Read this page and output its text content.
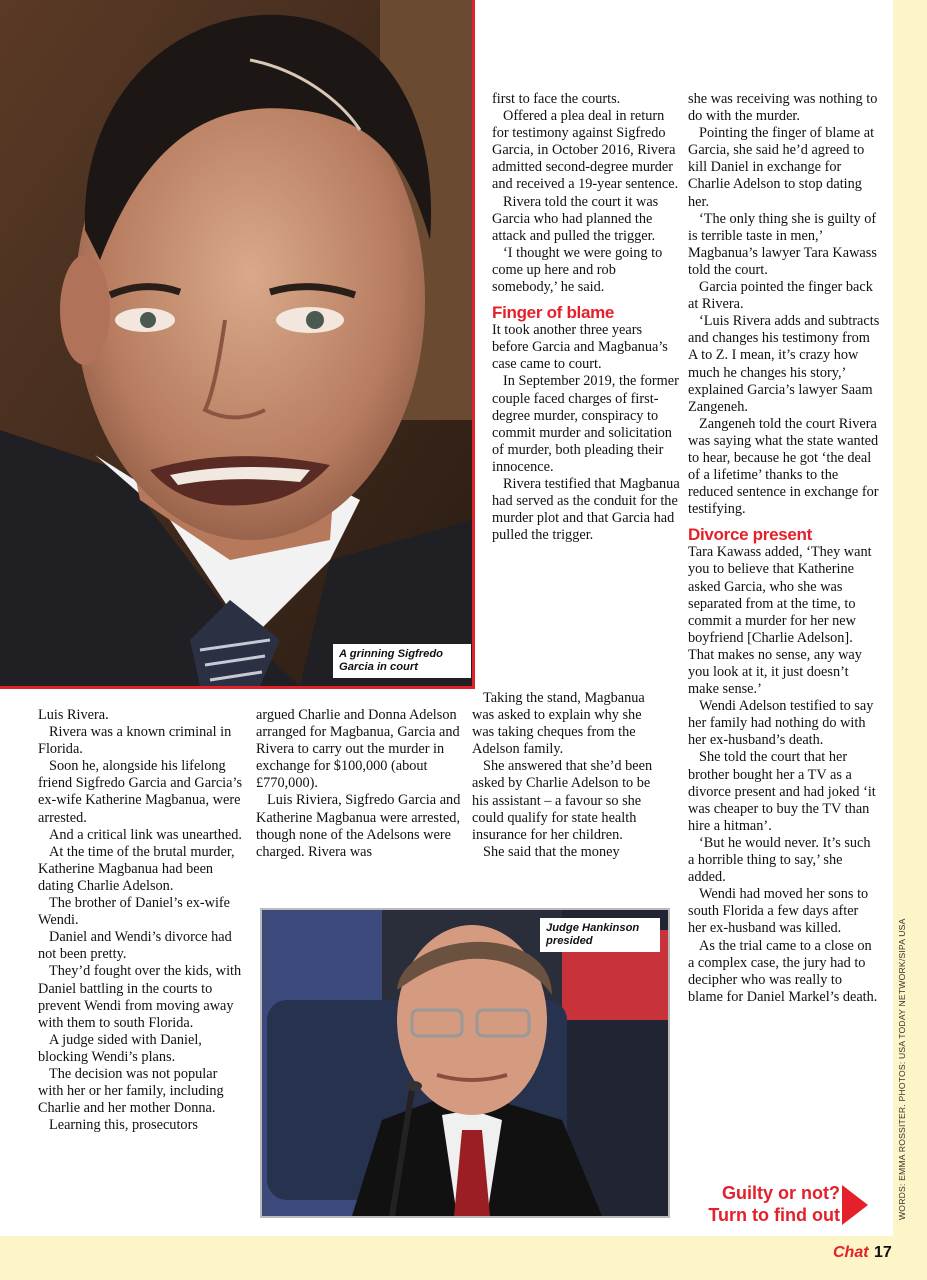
A grinning Sigfredo Garcia in court
Judge Hankinson presided

Luis Rivera.

Rivera was a known criminal in Florida.

Soon he, alongside his lifelong friend Sigfredo Garcia and Garcia’s ex-wife Katherine Magbanua, were arrested.

And a critical link was unearthed.

At the time of the brutal murder, Katherine Magbanua had been dating Charlie Adelson.

The brother of Daniel’s ex-wife Wendi.

Daniel and Wendi’s divorce had not been pretty.

They’d fought over the kids, with Daniel battling in the courts to prevent Wendi from moving away with them to south Florida.

A judge sided with Daniel, blocking Wendi’s plans.

The decision was not popular with her or her family, including Charlie and her mother Donna.

Learning this, prosecutors

argued Charlie and Donna Adelson arranged for Magbanua, Garcia and Rivera to carry out the murder in exchange for $100,000 (about £770,000).

Luis Riviera, Sigfredo Garcia and Katherine Magbanua were arrested, though none of the Adelsons were charged. Rivera was

first to face the courts.

Offered a plea deal in return for testimony against Sigfredo Garcia, in October 2016, Rivera admitted second-degree murder and received a 19-year sentence.

Rivera told the court it was Garcia who had planned the attack and pulled the trigger.

‘I thought we were going to come up here and rob somebody,’ he said.

Finger of blame

It took another three years before Garcia and Magbanua’s case came to court.

In September 2019, the former couple faced charges of first-degree murder, conspiracy to commit murder and solicitation of murder, both pleading their innocence.

Rivera testified that Magbanua had served as the conduit for the murder plot and that Garcia had pulled the trigger.

Taking the stand, Magbanua was asked to explain why she was taking cheques from the Adelson family.

She answered that she’d been asked by Charlie Adelson to be his assistant – a favour so she could qualify for state health insurance for her children.

She said that the money

she was receiving was nothing to do with the murder.

Pointing the finger of blame at Garcia, she said he’d agreed to kill Daniel in exchange for Charlie Adelson to stop dating her.

‘The only thing she is guilty of is terrible taste in men,’ Magbanua’s lawyer Tara Kawass told the court.

Garcia pointed the finger back at Rivera.

‘Luis Rivera adds and subtracts and changes his testimony from A to Z. I mean, it’s crazy how much he changes his story,’ explained Garcia’s lawyer Saam Zangeneh.

Zangeneh told the court Rivera was saying what the state wanted to hear, because he got ‘the deal of a lifetime’ thanks to the reduced sentence in exchange for testifying.

Divorce present

Tara Kawass added, ‘They want you to believe that Katherine asked Garcia, who she was separated from at the time, to commit a murder for her new boyfriend [Charlie Adelson]. That makes no sense, any way you look at it, it just doesn’t make sense.’

Wendi Adelson testified to say her family had nothing do with her ex-husband’s death.

She told the court that her brother bought her a TV as a divorce present and had joked ‘it was cheaper to buy the TV than hire a hitman’.

‘But he would never. It’s such a horrible thing to say,’ she added.

Wendi had moved her sons to south Florida a few days after her ex-husband was killed.

As the trial came to a close on a complex case, the jury had to decipher who was really to blame for Daniel Markel’s death.

Guilty or not?
Turn to find out	WORDS: EMMA ROSSITER. PHOTOS: USA TODAY NETWORK/SIPA USA
Chat 17
